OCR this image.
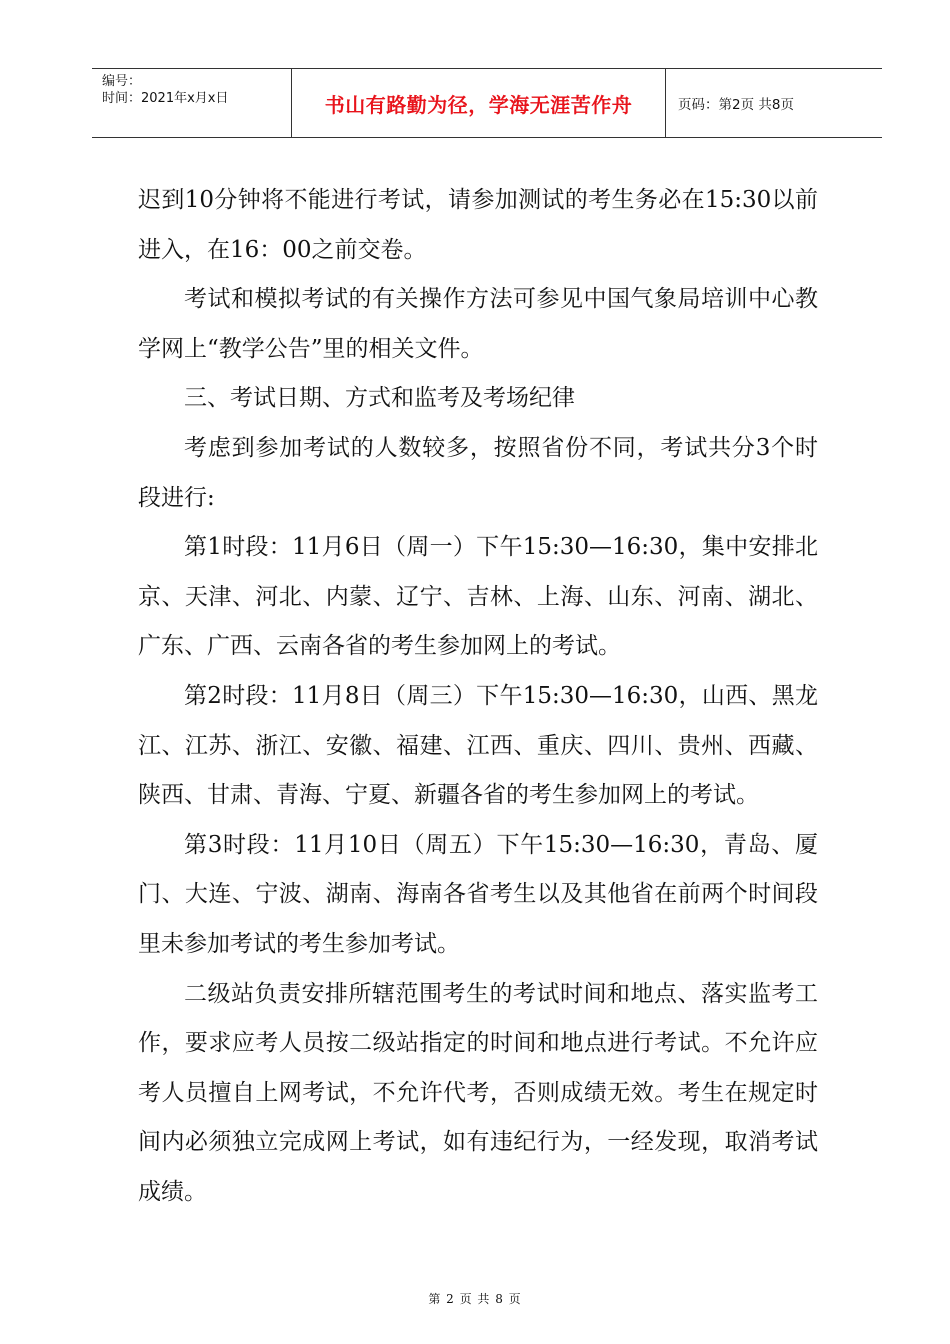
编号：
时间：2021年x月x日	书山有路勤为径，学海无涯苦作舟	页码：第2页 共8页

迟到10分钟将不能进行考试，请参加测试的考生务必在15:30以前进入，在16：00之前交卷。

考试和模拟考试的有关操作方法可参见中国气象局培训中心教学网上“教学公告”里的相关文件。

三、考试日期、方式和监考及考场纪律

考虑到参加考试的人数较多，按照省份不同，考试共分3个时段进行:

第1时段：11月6日（周一）下午15:30—16:30，集中安排北京、天津、河北、内蒙、辽宁、吉林、上海、山东、河南、湖北、广东、广西、云南各省的考生参加网上的考试。

第2时段：11月8日（周三）下午15:30—16:30，山西、黑龙江、江苏、浙江、安徽、福建、江西、重庆、四川、贵州、西藏、陕西、甘肃、青海、宁夏、新疆各省的考生参加网上的考试。

第3时段：11月10日（周五）下午15:30—16:30，青岛、厦门、大连、宁波、湖南、海南各省考生以及其他省在前两个时间段里未参加考试的考生参加考试。

二级站负责安排所辖范围考生的考试时间和地点、落实监考工作，要求应考人员按二级站指定的时间和地点进行考试。不允许应考人员擅自上网考试，不允许代考，否则成绩无效。考生在规定时间内必须独立完成网上考试，如有违纪行为，一经发现，取消考试成绩。

第 2 页 共 8 页
